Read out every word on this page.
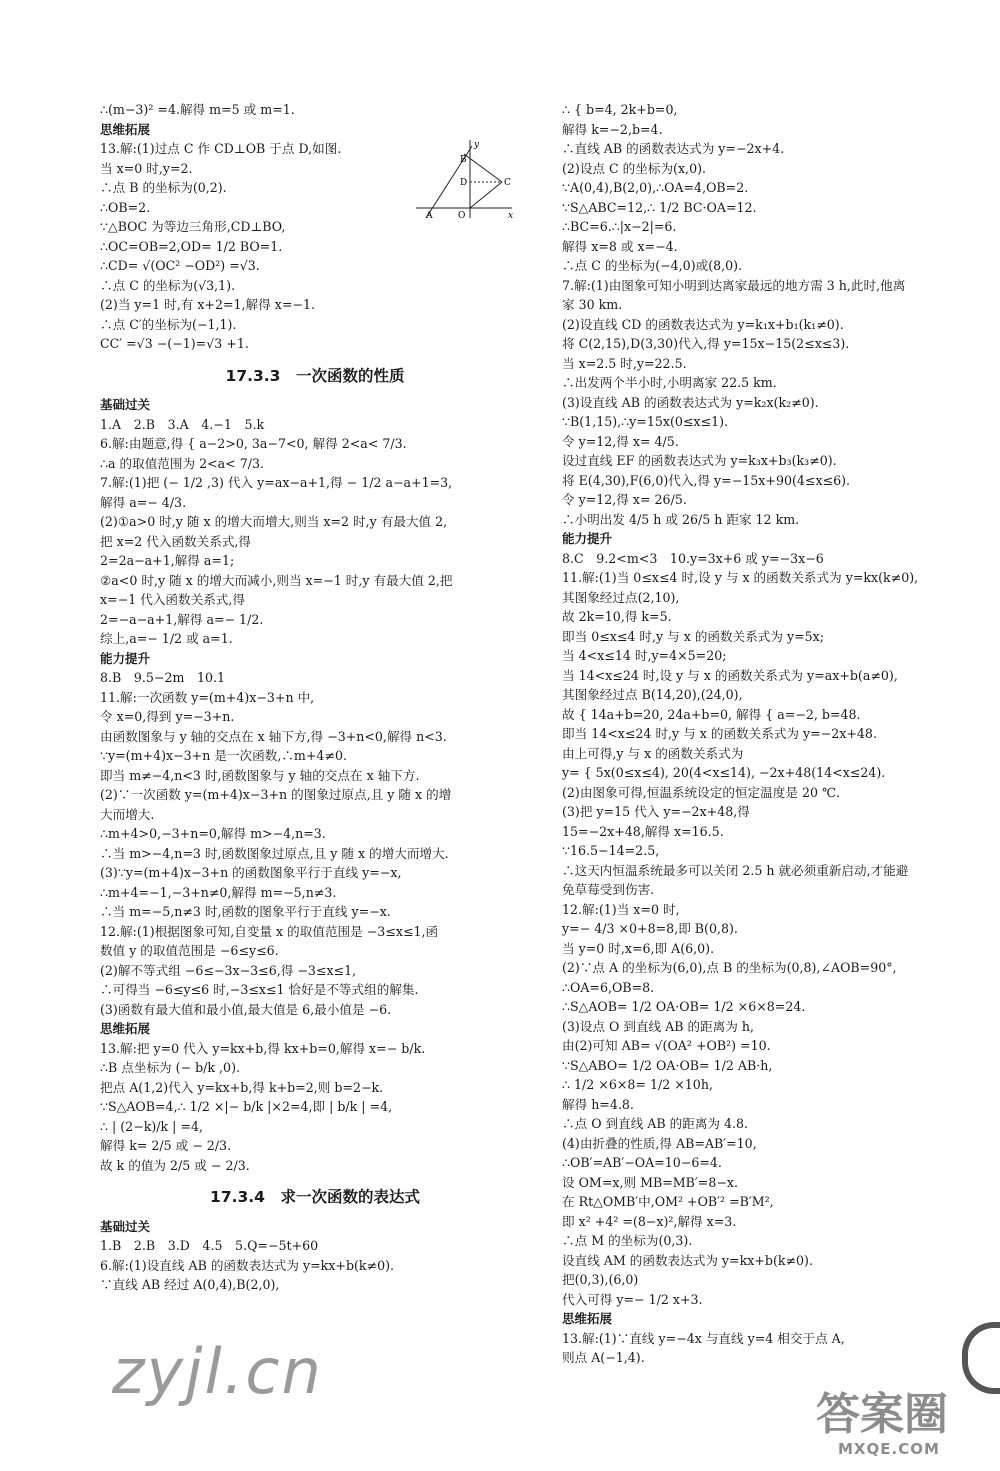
∴(m−3)² =4.解得 m=5 或 m=1.
思维拓展
13.解:(1)过点 C 作 CD⊥OB 于点 D,如图.
当 x=0 时,y=2.
∴点 B 的坐标为(0,2).
∴OB=2.
∵△BOC 为等边三角形,CD⊥BO,
∴OC=OB=2,OD= 1/2 BO=1.
∴CD= √(OC² −OD²) =√3.
∴点 C 的坐标为(√3,1).
(2)当 y=1 时,有 x+2=1,解得 x=−1.
∴点 C′的坐标为(−1,1).
CC′ =√3 −(−1)=√3 +1.
17.3.3　一次函数的性质
基础过关
1.A　2.B　3.A　4.−1　5.k
6.解:由题意,得 { a−2>0, 3a−7<0, 解得 2<a< 7/3.
∴a 的取值范围为 2<a< 7/3.
7.解:(1)把 (− 1/2 ,3) 代入 y=ax−a+1,得 − 1/2 a−a+1=3,
解得 a=− 4/3.
(2)①a>0 时,y 随 x 的增大而增大,则当 x=2 时,y 有最大值 2,
把 x=2 代入函数关系式,得
2=2a−a+1,解得 a=1;
②a<0 时,y 随 x 的增大而减小,则当 x=−1 时,y 有最大值 2,把
x=−1 代入函数关系式,得
2=−a−a+1,解得 a=− 1/2.
综上,a=− 1/2 或 a=1.
能力提升
8.B　9.5−2m　10.1
11.解:一次函数 y=(m+4)x−3+n 中,
令 x=0,得到 y=−3+n.
由函数图象与 y 轴的交点在 x 轴下方,得 −3+n<0,解得 n<3.
∵y=(m+4)x−3+n 是一次函数,∴m+4≠0.
即当 m≠−4,n<3 时,函数图象与 y 轴的交点在 x 轴下方.
(2)∵一次函数 y=(m+4)x−3+n 的图象过原点,且 y 随 x 的增
大而增大.
∴m+4>0,−3+n=0,解得 m>−4,n=3.
∴当 m>−4,n=3 时,函数图象过原点,且 y 随 x 的增大而增大.
(3)∵y=(m+4)x−3+n 的函数图象平行于直线 y=−x,
∴m+4=−1,−3+n≠0,解得 m=−5,n≠3.
∴当 m=−5,n≠3 时,函数的图象平行于直线 y=−x.
12.解:(1)根据图象可知,自变量 x 的取值范围是 −3≤x≤1,函
数值 y 的取值范围是 −6≤y≤6.
(2)解不等式组 −6≤−3x−3≤6,得 −3≤x≤1,
∴可得当 −6≤y≤6 时,−3≤x≤1 恰好是不等式组的解集.
(3)函数有最大值和最小值,最大值是 6,最小值是 −6.
思维拓展
13.解:把 y=0 代入 y=kx+b,得 kx+b=0,解得 x=− b/k.
∴B 点坐标为 (− b/k ,0).
把点 A(1,2)代入 y=kx+b,得 k+b=2,则 b=2−k.
∵S△AOB=4,∴ 1/2 ×|− b/k |×2=4,即 | b/k | =4,
∴ | (2−k)/k | =4,
解得 k= 2/5 或 − 2/3.
故 k 的值为 2/5 或 − 2/3.
17.3.4　求一次函数的表达式
基础过关
1.B　2.B　3.D　4.5　5.Q=−5t+60
6.解:(1)设直线 AB 的函数表达式为 y=kx+b(k≠0).
∵直线 AB 经过 A(0,4),B(2,0),
∴ { b=4, 2k+b=0,
解得 k=−2,b=4.
∴直线 AB 的函数表达式为 y=−2x+4.
(2)设点 C 的坐标为(x,0).
∵A(0,4),B(2,0),∴OA=4,OB=2.
∵S△ABC=12,∴ 1/2 BC·OA=12.
∴BC=6.∴|x−2|=6.
解得 x=8 或 x=−4.
∴点 C 的坐标为(−4,0)或(8,0).
7.解:(1)由图象可知小明到达离家最远的地方需 3 h,此时,他离
家 30 km.
(2)设直线 CD 的函数表达式为 y=k₁x+b₁(k₁≠0).
将 C(2,15),D(3,30)代入,得 y=15x−15(2≤x≤3).
当 x=2.5 时,y=22.5.
∴出发两个半小时,小明离家 22.5 km.
(3)设直线 AB 的函数表达式为 y=k₂x(k₂≠0).
∵B(1,15),∴y=15x(0≤x≤1).
令 y=12,得 x= 4/5.
设过直线 EF 的函数表达式为 y=k₃x+b₃(k₃≠0).
将 E(4,30),F(6,0)代入,得 y=−15x+90(4≤x≤6).
令 y=12,得 x= 26/5.
∴小明出发 4/5 h 或 26/5 h 距家 12 km.
能力提升
8.C　9.2<m<3　10.y=3x+6 或 y=−3x−6
11.解:(1)当 0≤x≤4 时,设 y 与 x 的函数关系式为 y=kx(k≠0),
其图象经过点(2,10),
故 2k=10,得 k=5.
即当 0≤x≤4 时,y 与 x 的函数关系式为 y=5x;
当 4<x≤14 时,y=4×5=20;
当 14<x≤24 时,设 y 与 x 的函数关系式为 y=ax+b(a≠0),
其图象经过点 B(14,20),(24,0),
故 { 14a+b=20, 24a+b=0, 解得 { a=−2, b=48.
即当 14<x≤24 时,y 与 x 的函数关系式为 y=−2x+48.
由上可得,y 与 x 的函数关系式为
y= { 5x(0≤x≤4), 20(4<x≤14), −2x+48(14<x≤24).
(2)由图象可得,恒温系统设定的恒定温度是 20 ℃.
(3)把 y=15 代入 y=−2x+48,得
15=−2x+48,解得 x=16.5.
∵16.5−14=2.5,
∴这天内恒温系统最多可以关闭 2.5 h 就必须重新启动,才能避
免草莓受到伤害.
12.解:(1)当 x=0 时,
y=− 4/3 ×0+8=8,即 B(0,8).
当 y=0 时,x=6,即 A(6,0).
(2)∵点 A 的坐标为(6,0),点 B 的坐标为(0,8),∠AOB=90°,
∴OA=6,OB=8.
∴S△AOB= 1/2 OA·OB= 1/2 ×6×8=24.
(3)设点 O 到直线 AB 的距离为 h,
由(2)可知 AB= √(OA² +OB²) =10.
∵S△ABO= 1/2 OA·OB= 1/2 AB·h,
∴ 1/2 ×6×8= 1/2 ×10h,
解得 h=4.8.
∴点 O 到直线 AB 的距离为 4.8.
(4)由折叠的性质,得 AB=AB′=10,
∴OB′=AB′−OA=10−6=4.
设 OM=x,则 MB=MB′=8−x.
在 Rt△OMB′中,OM² +OB′² =B′M²,
即 x² +4² =(8−x)²,解得 x=3.
∴点 M 的坐标为(0,3).
设直线 AM 的函数表达式为 y=kx+b(k≠0).
把(0,3),(6,0)
代入可得 y=− 1/2 x+3.
思维拓展
13.解:(1)∵直线 y=−4x 与直线 y=4 相交于点 A,
则点 A(−1,4).
B
C
D
O
A	x
y
zyjl.cn
答案圈
MXQE.COM
